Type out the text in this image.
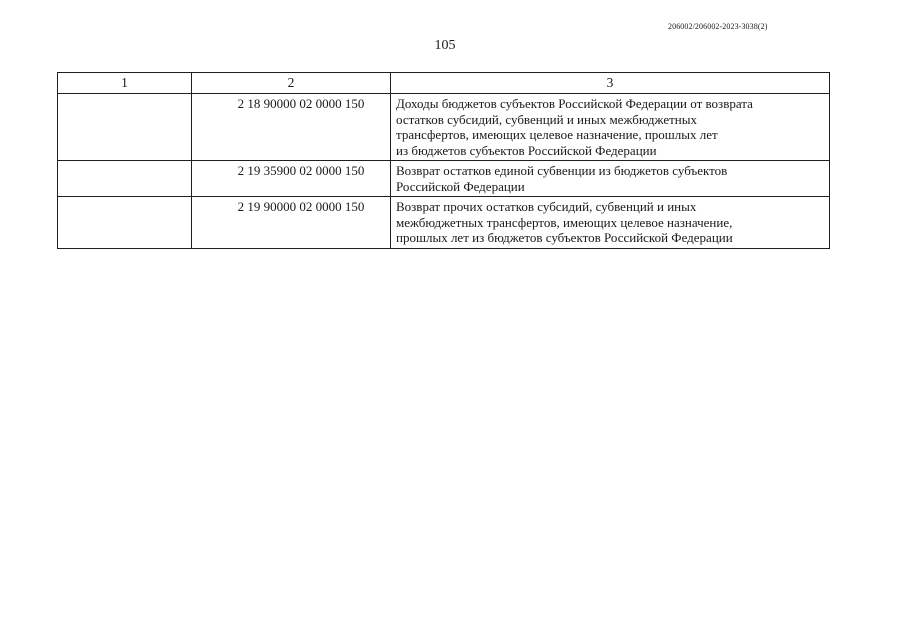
206002/206002-2023-3038(2)
105
1	2	3
	2 18 90000 02 0000 150	Доходы бюджетов субъектов Российской Федерации от возврата
остатков субсидий, субвенций и иных межбюджетных
трансфертов, имеющих целевое назначение, прошлых лет
из бюджетов субъектов Российской Федерации

	2 19 35900 02 0000 150	Возврат остатков единой субвенции из бюджетов субъектов
Российской Федерации

	2 19 90000 02 0000 150	Возврат прочих остатков субсидий, субвенций и иных
межбюджетных трансфертов, имеющих целевое назначение,
прошлых лет из бюджетов субъектов Российской Федерации
